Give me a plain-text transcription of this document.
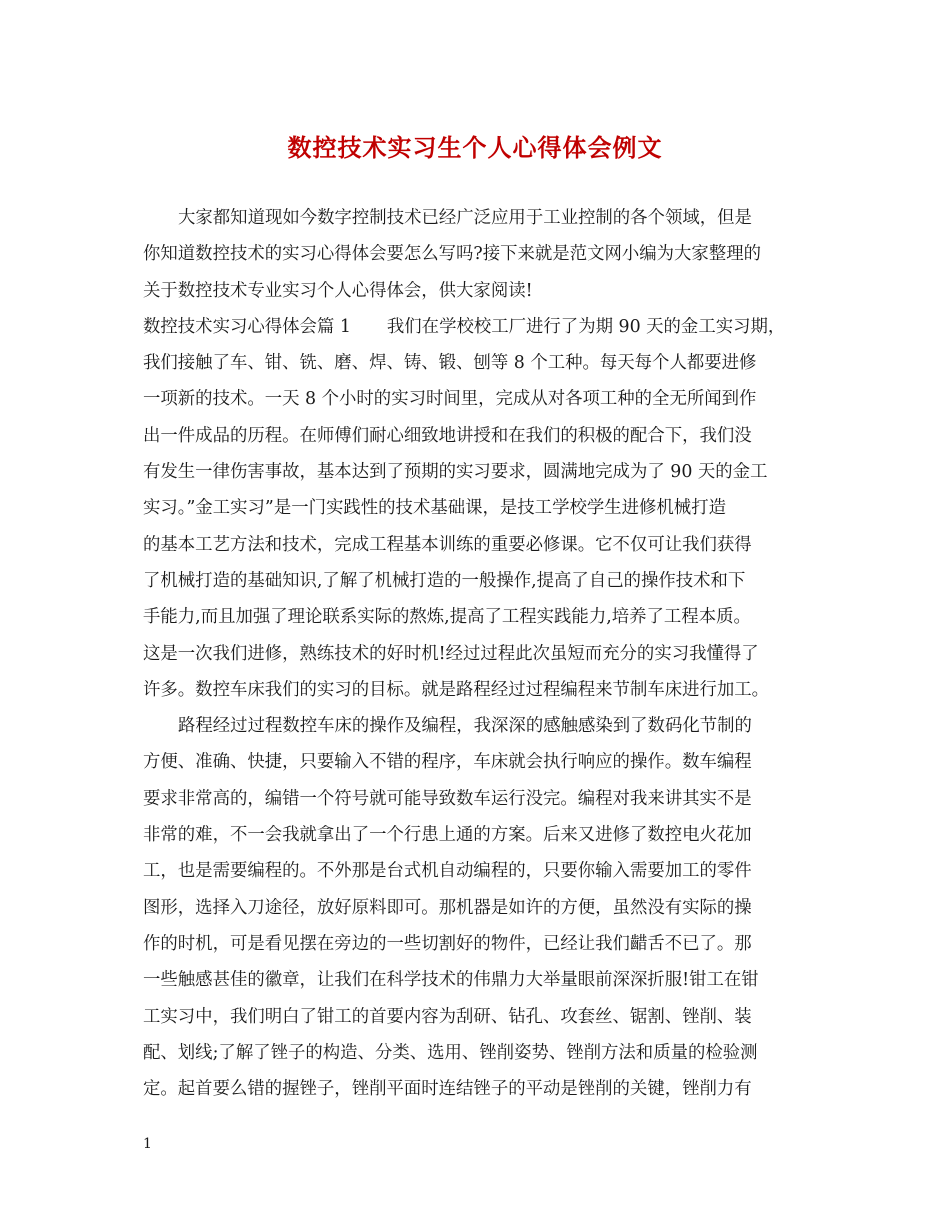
数控技术实习生个人心得体会例文
大家都知道现如今数字控制技术已经广泛应用于工业控制的各个领域，但是
你知道数控技术的实习心得体会要怎么写吗?接下来就是范文网小编为大家整理的
关于数控技术专业实习个人心得体会，供大家阅读!
数控技术实习心得体会篇 1 我们在学校校工厂进行了为期 90 天的金工实习期，
我们接触了车、钳、铣、磨、焊、铸、锻、刨等 8 个工种。每天每个人都要进修
一项新的技术。一天 8 个小时的实习时间里，完成从对各项工种的全无所闻到作
出一件成品的历程。在师傅们耐心细致地讲授和在我们的积极的配合下，我们没
有发生一律伤害事故，基本达到了预期的实习要求，圆满地完成为了 90 天的金工
实习。”金工实习”是一门实践性的技术基础课，是技工学校学生进修机械打造
的基本工艺方法和技术，完成工程基本训练的重要必修课。它不仅可让我们获得
了机械打造的基础知识,了解了机械打造的一般操作,提高了自己的操作技术和下
手能力,而且加强了理论联系实际的熬炼,提高了工程实践能力,培养了工程本质。
这是一次我们进修，熟练技术的好时机!经过过程此次虽短而充分的实习我懂得了
许多。数控车床我们的实习的目标。就是路程经过过程编程来节制车床进行加工。
路程经过过程数控车床的操作及编程，我深深的感触感染到了数码化节制的
方便、准确、快捷，只要输入不错的程序，车床就会执行响应的操作。数车编程
要求非常高的，编错一个符号就可能导致数车运行没完。编程对我来讲其实不是
非常的难，不一会我就拿出了一个行患上通的方案。后来又进修了数控电火花加
工，也是需要编程的。不外那是台式机自动编程的，只要你输入需要加工的零件
图形，选择入刀途径，放好原料即可。那机器是如许的方便，虽然没有实际的操
作的时机，可是看见摆在旁边的一些切割好的物件，已经让我们齰舌不已了。那
一些触感甚佳的徽章，让我们在科学技术的伟鼎力大举量眼前深深折服!钳工在钳
工实习中，我们明白了钳工的首要内容为刮研、钻孔、攻套丝、锯割、锉削、装
配、划线;了解了锉子的构造、分类、选用、锉削姿势、锉削方法和质量的检验测
定。起首要么错的握锉子，锉削平面时连结锉子的平动是锉削的关键，锉削力有
1
